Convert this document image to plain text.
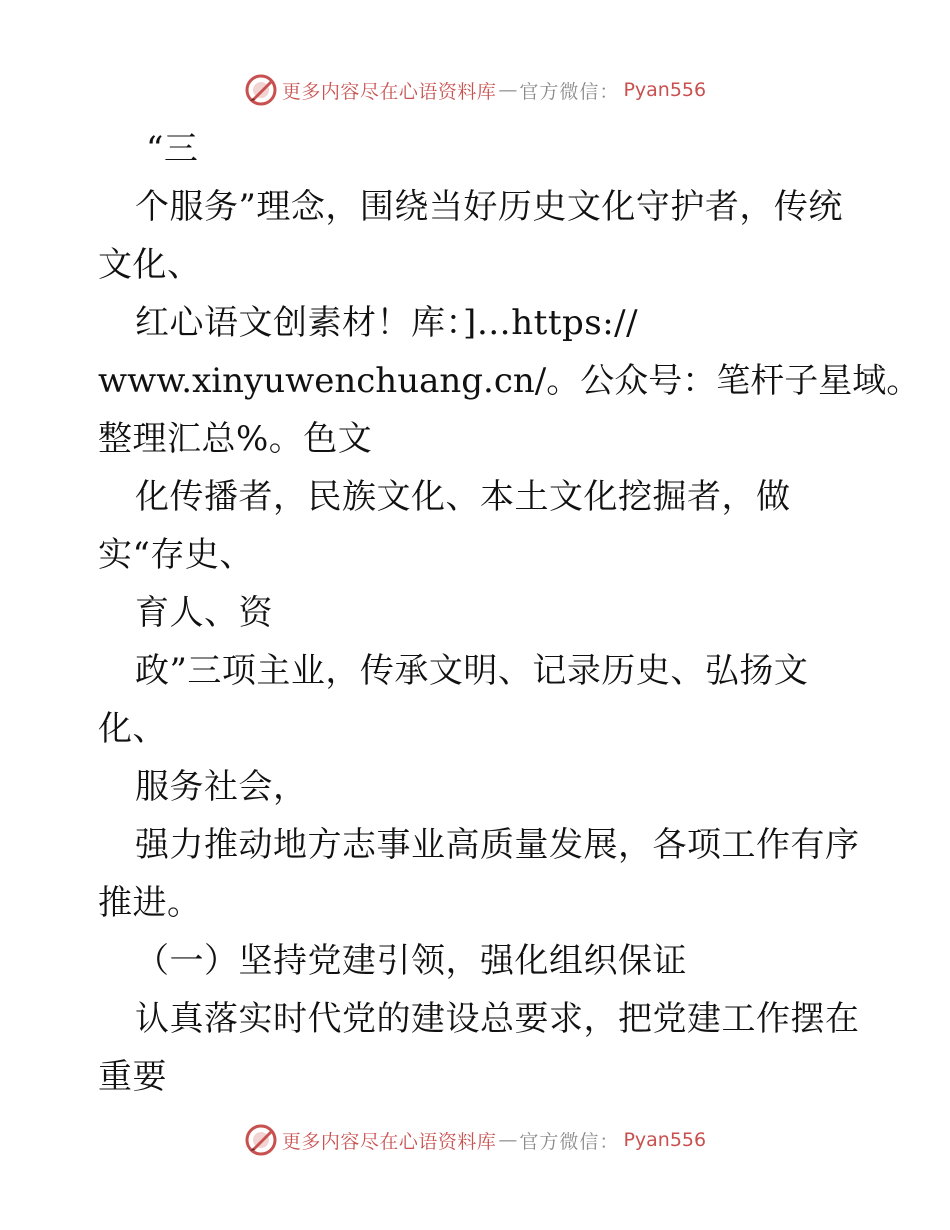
更多内容尽在心语资料库 — 官方微信： Pyan556
“三
个服务”理念，围绕当好历史文化守护者，传统
文化、
红心语文创素材！库：]…https://
www.xinyuwenchuang.cn/。公众号：笔杆子星域。
整理汇总%。色文
化传播者，民族文化、本土文化挖掘者，做
实“存史、
育人、资
政”三项主业，传承文明、记录历史、弘扬文
化、
服务社会，
强力推动地方志事业高质量发展，各项工作有序
推进。
（一）坚持党建引领，强化组织保证
认真落实时代党的建设总要求，把党建工作摆在
重要
更多内容尽在心语资料库 — 官方微信： Pyan556
